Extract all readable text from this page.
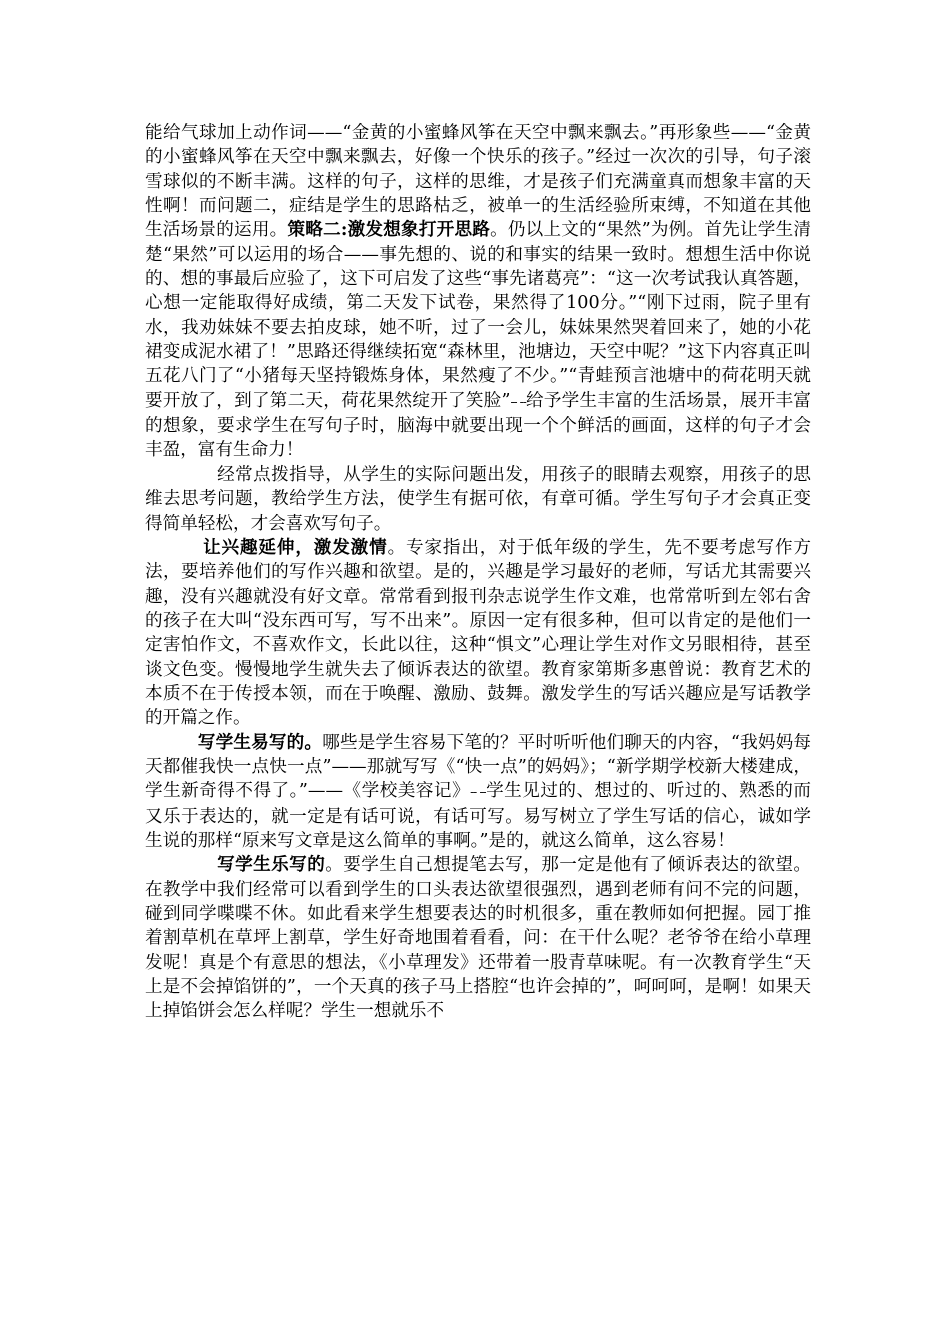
能给气球加上动作词——“金黄的小蜜蜂风筝在天空中飘来飘去。”再形象些——“金黄的小蜜蜂风筝在天空中飘来飘去，好像一个快乐的孩子。”经过一次次的引导，句子滚雪球似的不断丰满。这样的句子，这样的思维，才是孩子们充满童真而想象丰富的天性啊！而问题二，症结是学生的思路枯乏，被单一的生活经验所束缚，不知道在其他生活场景的运用。策略二:激发想象打开思路。仍以上文的“果然”为例。首先让学生清楚“果然”可以运用的场合——事先想的、说的和事实的结果一致时。想想生活中你说的、想的事最后应验了，这下可启发了这些“事先诸葛亮”：“这一次考试我认真答题，心想一定能取得好成绩，第二天发下试卷，果然得了100分。”“刚下过雨，院子里有水，我劝妹妹不要去拍皮球，她不听，过了一会儿，妹妹果然哭着回来了，她的小花裙变成泥水裙了！”思路还得继续拓宽“森林里，池塘边，天空中呢？”这下内容真正叫五花八门了“小猪每天坚持锻炼身体，果然瘦了不少。”“青蛙预言池塘中的荷花明天就要开放了，到了第二天，荷花果然绽开了笑脸”-- --给予学生丰富的生活场景，展开丰富的想象，要求学生在写句子时，脑海中就要出现一个个鲜活的画面，这样的句子才会丰盈，富有生命力！

经常点拨指导，从学生的实际问题出发，用孩子的眼睛去观察，用孩子的思维去思考问题，教给学生方法，使学生有据可依，有章可循。学生写句子才会真正变得简单轻松，才会喜欢写句子。

让兴趣延伸，激发激情。专家指出，对于低年级的学生，先不要考虑写作方法，要培养他们的写作兴趣和欲望。是的，兴趣是学习最好的老师，写话尤其需要兴趣，没有兴趣就没有好文章。常常看到报刊杂志说学生作文难，也常常听到左邻右舍的孩子在大叫“没东西可写，写不出来”。原因一定有很多种，但可以肯定的是他们一定害怕作文，不喜欢作文，长此以往，这种“惧文”心理让学生对作文另眼相待，甚至谈文色变。慢慢地学生就失去了倾诉表达的欲望。教育家第斯多惠曾说：教育艺术的本质不在于传授本领，而在于唤醒、激励、鼓舞。激发学生的写话兴趣应是写话教学的开篇之作。

写学生易写的。哪些是学生容易下笔的？平时听听他们聊天的内容，“我妈妈每天都催我快一点快一点”——那就写写《“快一点”的妈妈》；“新学期学校新大楼建成，学生新奇得不得了。”——《学校美容记》-- --学生见过的、想过的、听过的、熟悉的而又乐于表达的，就一定是有话可说，有话可写。易写树立了学生写话的信心，诚如学生说的那样“原来写文章是这么简单的事啊。”是的，就这么简单，这么容易！

写学生乐写的。要学生自己想提笔去写，那一定是他有了倾诉表达的欲望。在教学中我们经常可以看到学生的口头表达欲望很强烈，遇到老师有问不完的问题，碰到同学喋喋不休。如此看来学生想要表达的时机很多，重在教师如何把握。园丁推着割草机在草坪上割草，学生好奇地围着看看，问：在干什么呢？老爷爷在给小草理发呢！真是个有意思的想法，《小草理发》还带着一股青草味呢。有一次教育学生“天上是不会掉馅饼的”，一个天真的孩子马上搭腔“也许会掉的”，呵呵呵，是啊！如果天上掉馅饼会怎么样呢？学生一想就乐不
